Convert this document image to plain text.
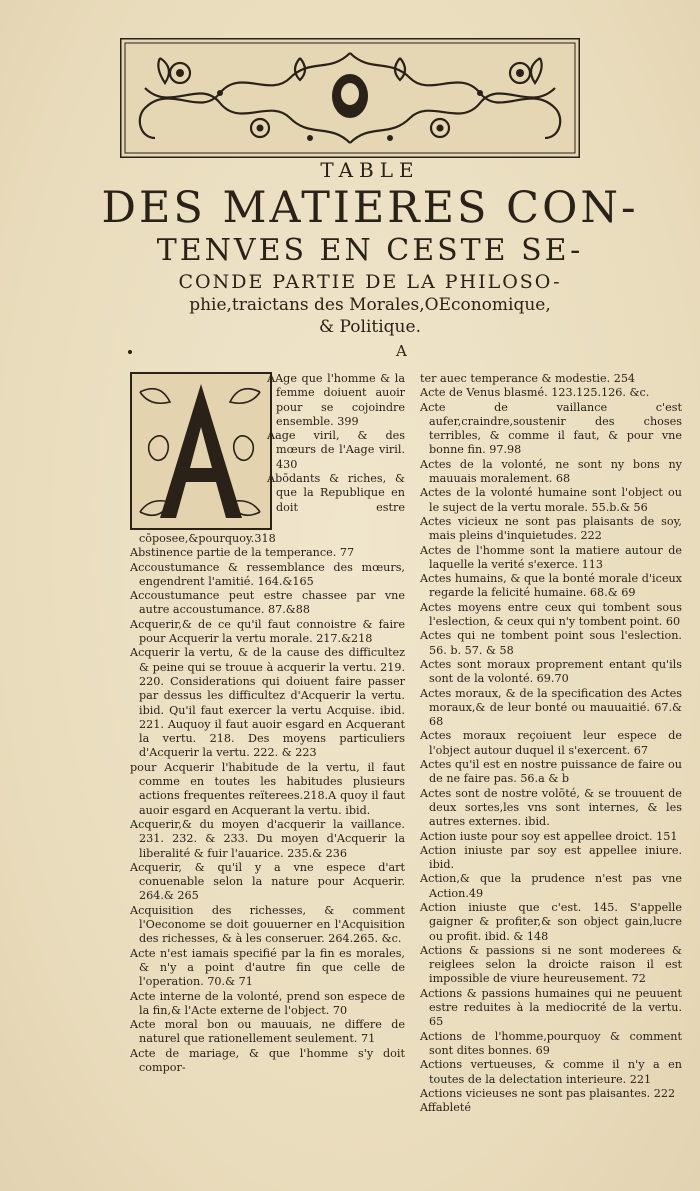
TABLE
DES MATIERES CON-
TENVES EN CESTE SE-
CONDE PARTIE DE LA PHILOSO-
phie,traictans des Morales,OEconomique,
& Politique.
A

AAge que l'homme & la femme doiuent auoir pour se cojoindre ensemble. 399

Aage viril, & des mœurs de l'Aage viril. 430

Abōdants & riches, & que la Republique en doit estre cōposee,&pourquoy.318

Abstinence partie de la temperance. 77

Accoustumance & ressemblance des mœurs, engendrent l'amitié. 164.&165

Accoustumance peut estre chassee par vne autre accoustumance. 87.&88

Acquerir,& de ce qu'il faut connoistre & faire pour Acquerir la vertu morale. 217.&218

Acquerir la vertu, & de la cause des difficultez & peine qui se trouue à acquerir la vertu. 219. 220. Considerations qui doiuent faire passer par dessus les difficultez d'Acquerir la vertu. ibid. Qu'il faut exercer la vertu Acquise. ibid. 221. Auquoy il faut auoir esgard en Acquerant la vertu. 218. Des moyens particuliers d'Acquerir la vertu. 222. & 223

pour Acquerir l'habitude de la vertu, il faut comme en toutes les habitudes plusieurs actions frequentes reïterees.218.A quoy il faut auoir esgard en Acquerant la vertu. ibid.

Acquerir,& du moyen d'acquerir la vaillance. 231. 232. & 233. Du moyen d'Acquerir la liberalité & fuir l'auarice. 235.& 236

Acquerir, & qu'il y a vne espece d'art conuenable selon la nature pour Acquerir. 264.& 265

Acquisition des richesses, & comment l'Oeconome se doit gouuerner en l'Acquisition des richesses, & à les conseruer. 264.265. &c.

Acte n'est iamais specifié par la fin es morales, & n'y a point d'autre fin que celle de l'operation. 70.& 71

Acte interne de la volonté, prend son espece de la fin,& l'Acte externe de l'object. 70

Acte moral bon ou mauuais, ne differe de naturel que rationellement seulement. 71

Acte de mariage, & que l'homme s'y doit compor-

ter auec temperance & modestie. 254

Acte de Venus blasmé. 123.125.126. &c.

Acte de vaillance c'est aufer,craindre,soustenir des choses terribles, & comme il faut, & pour vne bonne fin. 97.98

Actes de la volonté, ne sont ny bons ny mauuais moralement. 68

Actes de la volonté humaine sont l'object ou le suject de la vertu morale. 55.b.& 56

Actes vicieux ne sont pas plaisants de soy, mais pleins d'inquietudes. 222

Actes de l'homme sont la matiere autour de laquelle la verité s'exerce. 113

Actes humains, & que la bonté morale d'iceux regarde la felicité humaine. 68.& 69

Actes moyens entre ceux qui tombent sous l'eslection, & ceux qui n'y tombent point. 60

Actes qui ne tombent point sous l'eslection. 56. b. 57. & 58

Actes sont moraux proprement entant qu'ils sont de la volonté. 69.70

Actes moraux, & de la specification des Actes moraux,& de leur bonté ou mauuaitié. 67.& 68

Actes moraux reçoiuent leur espece de l'object autour duquel il s'exercent. 67

Actes qu'il est en nostre puissance de faire ou de ne faire pas. 56.a & b

Actes sont de nostre volōté, & se trouuent de deux sortes,les vns sont internes, & les autres externes. ibid.

Action iuste pour soy est appellee droict. 151

Action iniuste par soy est appellee iniure. ibid.

Action,& que la prudence n'est pas vne Action.49

Action iniuste que c'est. 145. S'appelle gaigner & profiter,& son object gain,lucre ou profit. ibid. & 148

Actions & passions si ne sont moderees & reiglees selon la droicte raison il est impossible de viure heureusement. 72

Actions & passions humaines qui ne peuuent estre reduites à la mediocrité de la vertu. 65

Actions de l'homme,pourquoy & comment sont dites bonnes. 69

Actions vertueuses, & comme il n'y a en toutes de la delectation interieure. 221

Actions vicieuses ne sont pas plaisantes. 222

Affableté
